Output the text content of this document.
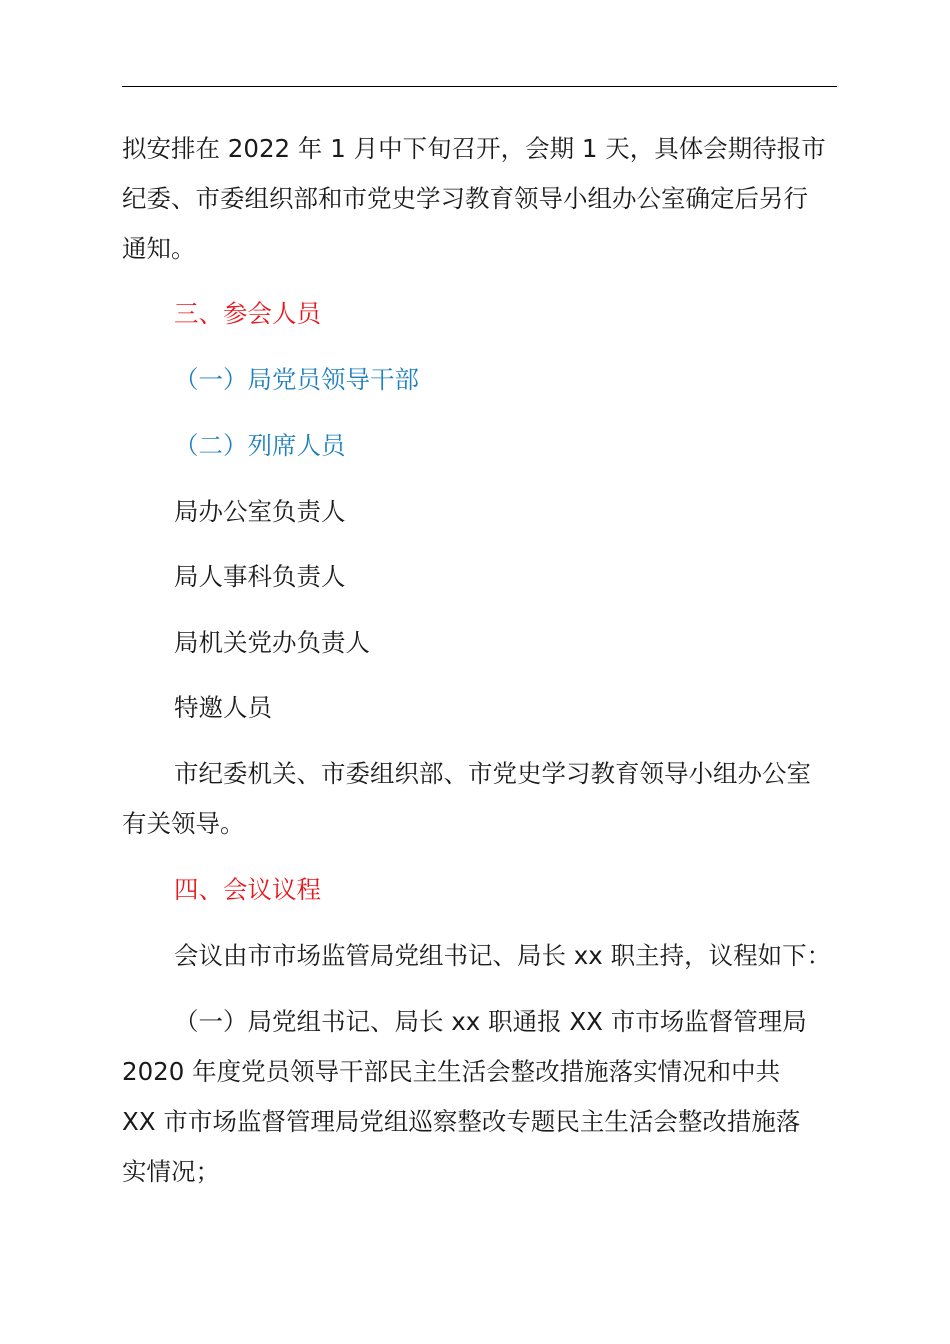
拟安排在 2022 年 1 月中下旬召开，会期 1 天，具体会期待报市
纪委、市委组织部和市党史学习教育领导小组办公室确定后另行
通知。
三、参会人员
（一）局党员领导干部
（二）列席人员
局办公室负责人
局人事科负责人
局机关党办负责人
特邀人员
市纪委机关、市委组织部、市党史学习教育领导小组办公室
有关领导。
四、会议议程
会议由市市场监管局党组书记、局长 xx 职主持，议程如下：
（一）局党组书记、局长 xx 职通报 XX 市市场监督管理局
2020 年度党员领导干部民主生活会整改措施落实情况和中共
XX 市市场监督管理局党组巡察整改专题民主生活会整改措施落
实情况；
